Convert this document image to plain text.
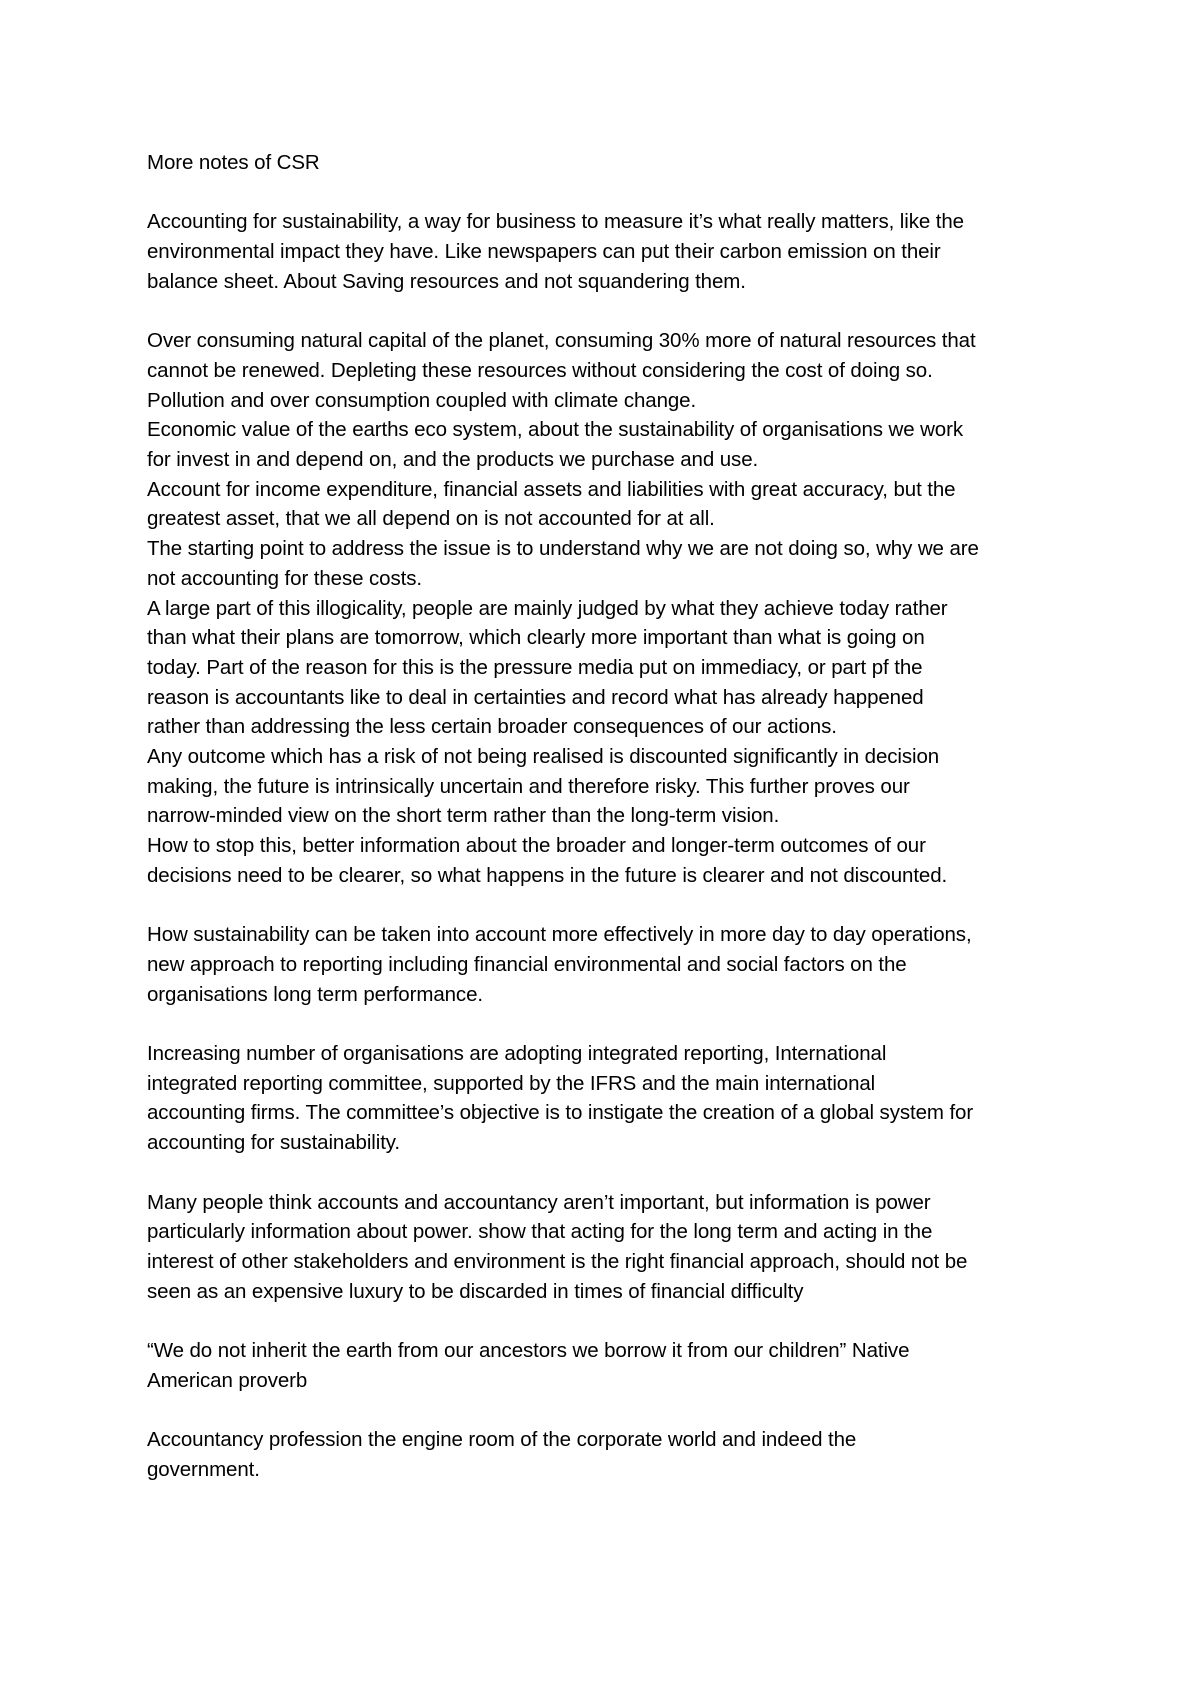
More notes of CSR
Accounting for sustainability, a way for business to measure it’s what really matters, like the
environmental impact they have. Like newspapers can put their carbon emission on their
balance sheet. About Saving resources and not squandering them.
Over consuming natural capital of the planet, consuming 30% more of natural resources that
cannot be renewed. Depleting these resources without considering the cost of doing so.
Pollution and over consumption coupled with climate change.
Economic value of the earths eco system, about the sustainability of organisations we work
for invest in and depend on, and the products we purchase and use.
Account for income expenditure, financial assets and liabilities with great accuracy, but the
greatest asset, that we all depend on is not accounted for at all.
The starting point to address the issue is to understand why we are not doing so, why we are
not accounting for these costs.
A large part of this illogicality, people are mainly judged by what they achieve today rather
than what their plans are tomorrow, which clearly more important than what is going on
today. Part of the reason for this is the pressure media put on immediacy, or part pf the
reason is accountants like to deal in certainties and record what has already happened
rather than addressing the less certain broader consequences of our actions.
Any outcome which has a risk of not being realised is discounted significantly in decision
making, the future is intrinsically uncertain and therefore risky. This further proves our
narrow-minded view on the short term rather than the long-term vision.
How to stop this, better information about the broader and longer-term outcomes of our
decisions need to be clearer, so what happens in the future is clearer and not discounted.
How sustainability can be taken into account more effectively in more day to day operations,
new approach to reporting including financial environmental and social factors on the
organisations long term performance.
Increasing number of organisations are adopting integrated reporting, International
integrated reporting committee, supported by the IFRS and the main international
accounting firms. The committee’s objective is to instigate the creation of a global system for
accounting for sustainability.
Many people think accounts and accountancy aren’t important, but information is power
particularly information about power. show that acting for the long term and acting in the
interest of other stakeholders and environment is the right financial approach, should not be
seen as an expensive luxury to be discarded in times of financial difficulty
“We do not inherit the earth from our ancestors we borrow it from our children” Native
American proverb
Accountancy profession the engine room of the corporate world and indeed the
government.
